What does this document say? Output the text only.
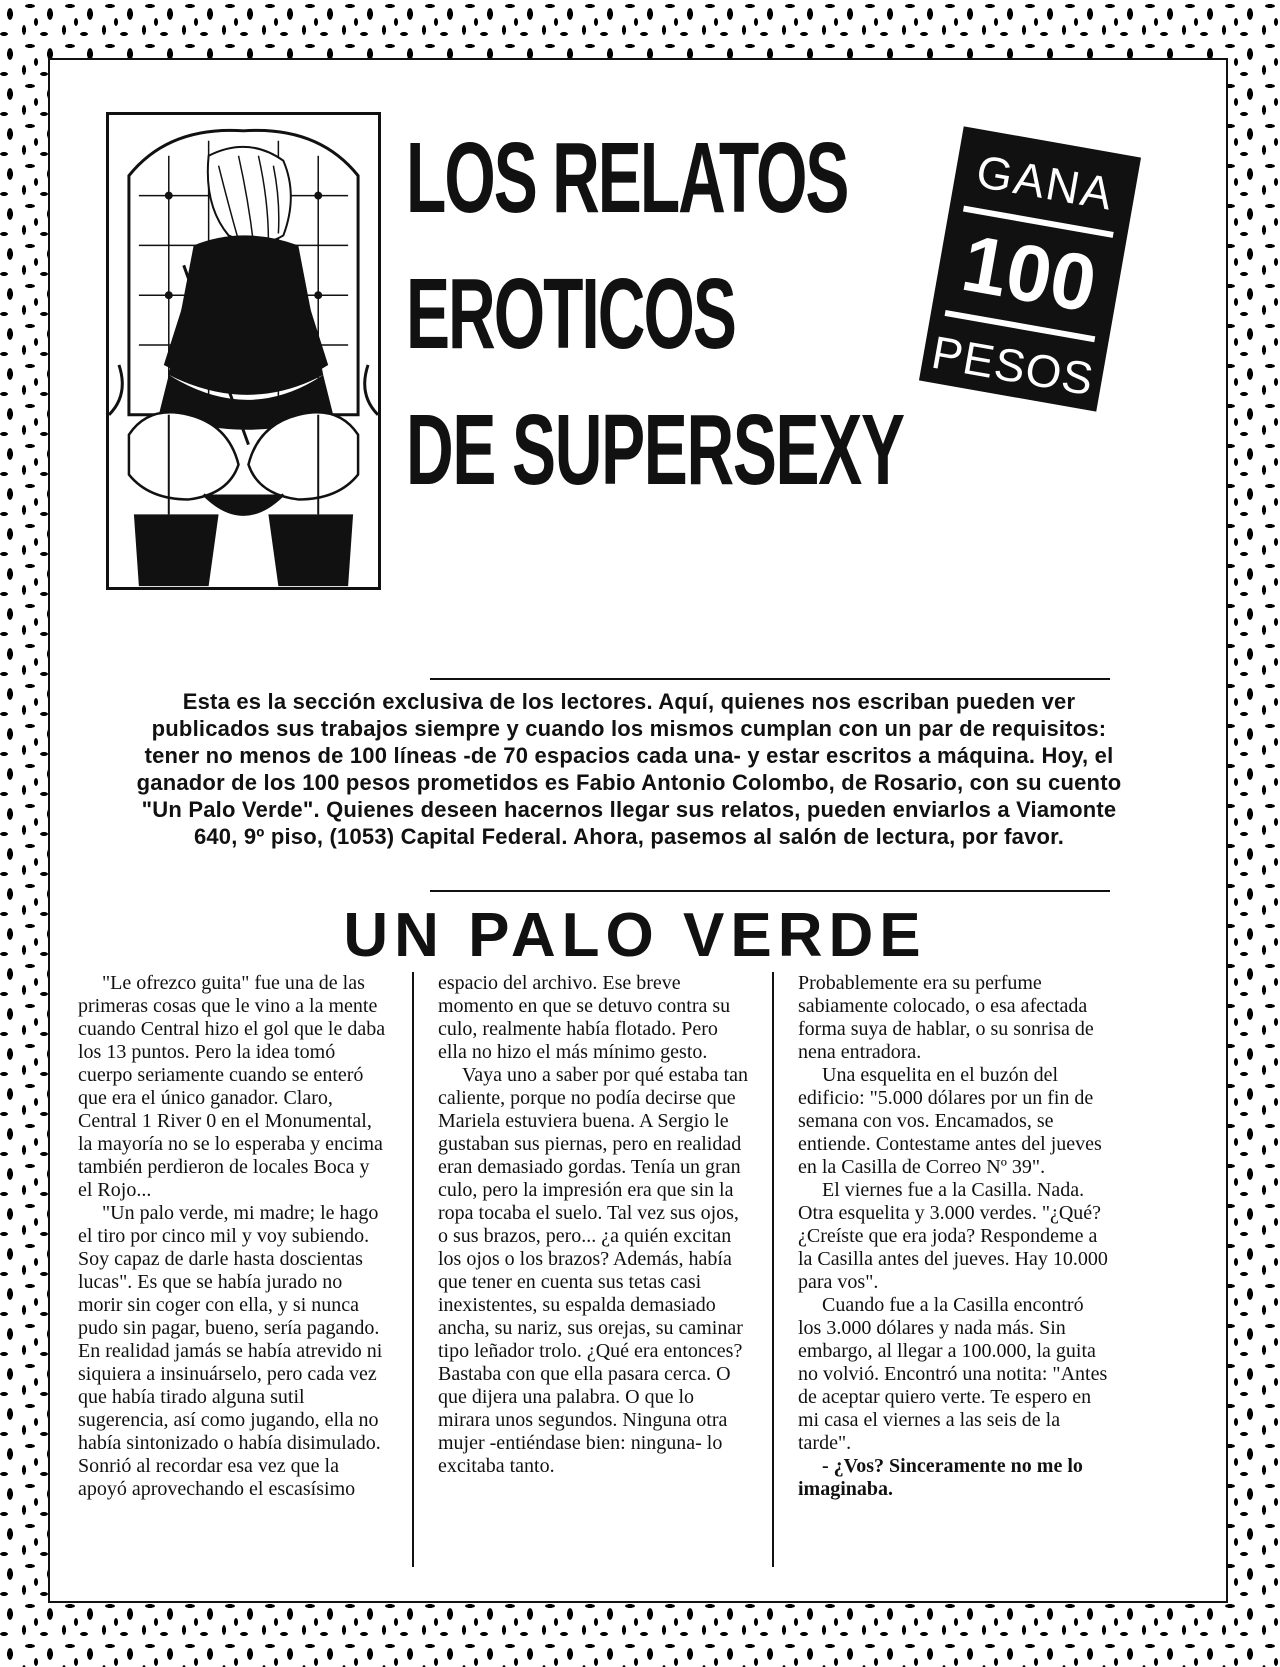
LOS RELATOS
EROTICOS
DE SUPERSEXY
GANA
100
PESOS
Esta es la sección exclusiva de los lectores. Aquí, quienes nos escriban pueden ver publicados sus trabajos siempre y cuando los mismos cumplan con un par de requisitos: tener no menos de 100 líneas -de 70 espacios cada una- y estar escritos a máquina. Hoy, el ganador de los 100 pesos prometidos es Fabio Antonio Colombo, de Rosario, con su cuento "Un Palo Verde". Quienes deseen hacernos llegar sus relatos, pueden enviarlos a Viamonte 640, 9º piso, (1053) Capital Federal. Ahora, pasemos al salón de lectura, por favor.
UN PALO VERDE

"Le ofrezco guita" fue una de las primeras cosas que le vino a la mente cuando Central hizo el gol que le daba los 13 puntos. Pero la idea tomó cuerpo seriamente cuando se enteró que era el único ganador. Claro, Central 1 River 0 en el Monumental, la mayoría no se lo esperaba y encima también perdieron de locales Boca y el Rojo...

"Un palo verde, mi madre; le hago el tiro por cinco mil y voy subiendo. Soy capaz de darle hasta doscientas lucas". Es que se había jurado no morir sin coger con ella, y si nunca pudo sin pagar, bueno, sería pagando. En realidad jamás se había atrevido ni siquiera a insinuárselo, pero cada vez que había tirado alguna sutil sugerencia, así como jugando, ella no había sintonizado o había disimulado. Sonrió al recordar esa vez que la apoyó aprovechando el escasísimo

espacio del archivo. Ese breve momento en que se detuvo contra su culo, realmente había flotado. Pero ella no hizo el más mínimo gesto.

Vaya uno a saber por qué estaba tan caliente, porque no podía decirse que Mariela estuviera buena. A Sergio le gustaban sus piernas, pero en realidad eran demasiado gordas. Tenía un gran culo, pero la impresión era que sin la ropa tocaba el suelo. Tal vez sus ojos, o sus brazos, pero... ¿a quién excitan los ojos o los brazos? Además, había que tener en cuenta sus tetas casi inexistentes, su espalda demasiado ancha, su nariz, sus orejas, su caminar tipo leñador trolo. ¿Qué era entonces? Bastaba con que ella pasara cerca. O que dijera una palabra. O que lo mirara unos segundos. Ninguna otra mujer -entiéndase bien: ninguna- lo excitaba tanto.

Probablemente era su perfume sabiamente colocado, o esa afectada forma suya de hablar, o su sonrisa de nena entradora.

Una esquelita en el buzón del edificio: "5.000 dólares por un fin de semana con vos. Encamados, se entiende. Contestame antes del jueves en la Casilla de Correo Nº 39".

El viernes fue a la Casilla. Nada. Otra esquelita y 3.000 verdes. "¿Qué? ¿Creíste que era joda? Respondeme a la Casilla antes del jueves. Hay 10.000 para vos".

Cuando fue a la Casilla encontró los 3.000 dólares y nada más. Sin embargo, al llegar a 100.000, la guita no volvió. Encontró una notita: "Antes de aceptar quiero verte. Te espero en mi casa el viernes a las seis de la tarde".

- ¿Vos? Sinceramente no me lo imaginaba.
